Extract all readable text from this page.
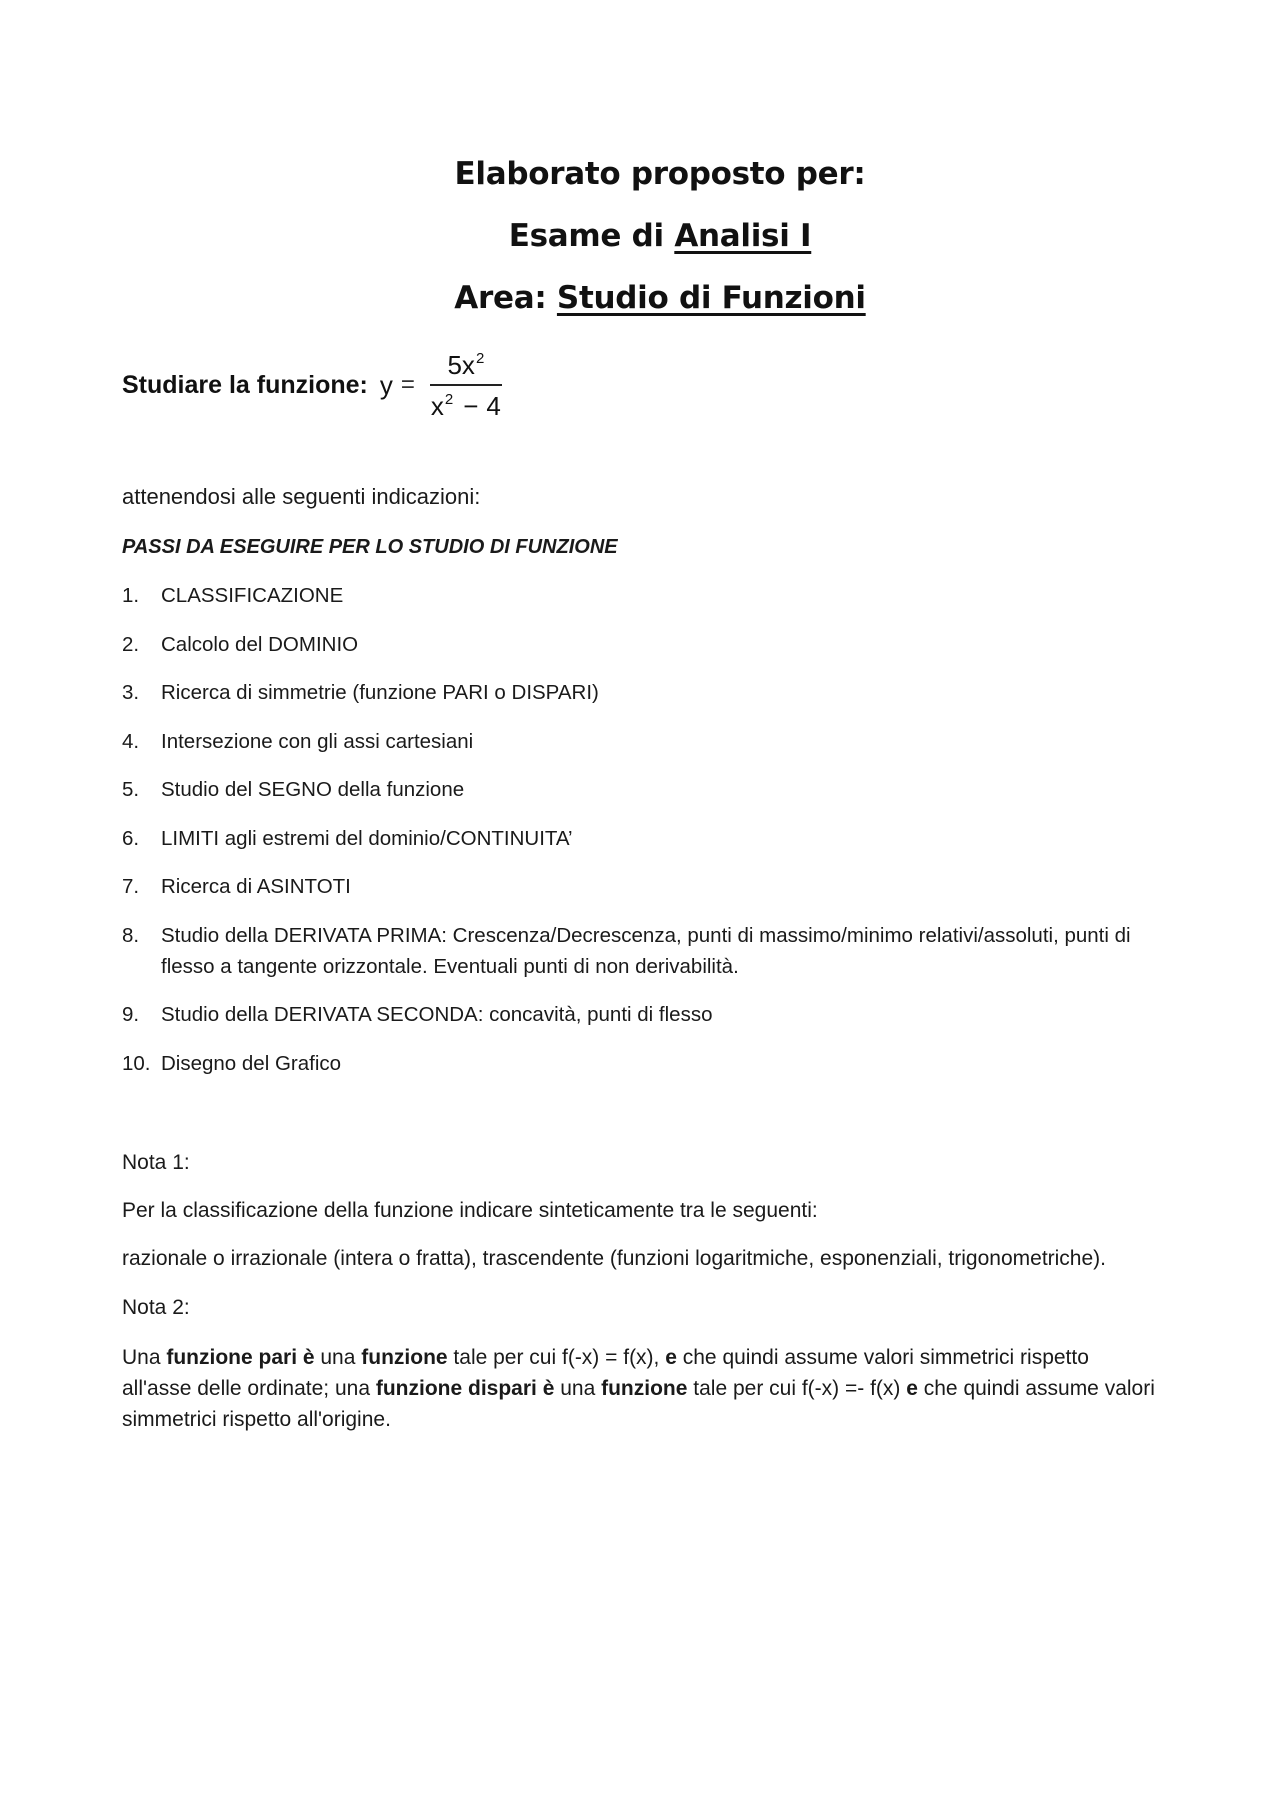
Elaborato proposto per:
Esame di Analisi I
Area: Studio di Funzioni
Studiare la funzione: $y = \frac{5x^2}{x^2 - 4}$
attenendosi alle seguenti indicazioni:
PASSI DA ESEGUIRE PER LO STUDIO DI FUNZIONE
1.	CLASSIFICAZIONE
2.	Calcolo del DOMINIO
3.	Ricerca di simmetrie (funzione PARI o DISPARI)
4.	Intersezione con gli assi cartesiani
5.	Studio del SEGNO della funzione
6.	LIMITI agli estremi del dominio/CONTINUITA’
7.	Ricerca di ASINTOTI
8.	Studio della DERIVATA PRIMA: Crescenza/Decrescenza, punti di massimo/minimo relativi/assoluti, punti di flesso a tangente orizzontale. Eventuali punti di non derivabilità.
9.	Studio della DERIVATA SECONDA: concavità, punti di flesso
10. Disegno del Grafico
Nota 1:
Per la classificazione della funzione indicare sinteticamente tra le seguenti:
razionale o irrazionale (intera o fratta), trascendente (funzioni logaritmiche, esponenziali, trigonometriche).
Nota 2:
Una funzione pari è una funzione tale per cui f(-x) = f(x), e che quindi assume valori simmetrici rispetto all'asse delle ordinate; una funzione dispari è una funzione tale per cui f(-x) =- f(x) e che quindi assume valori simmetrici rispetto all'origine.
